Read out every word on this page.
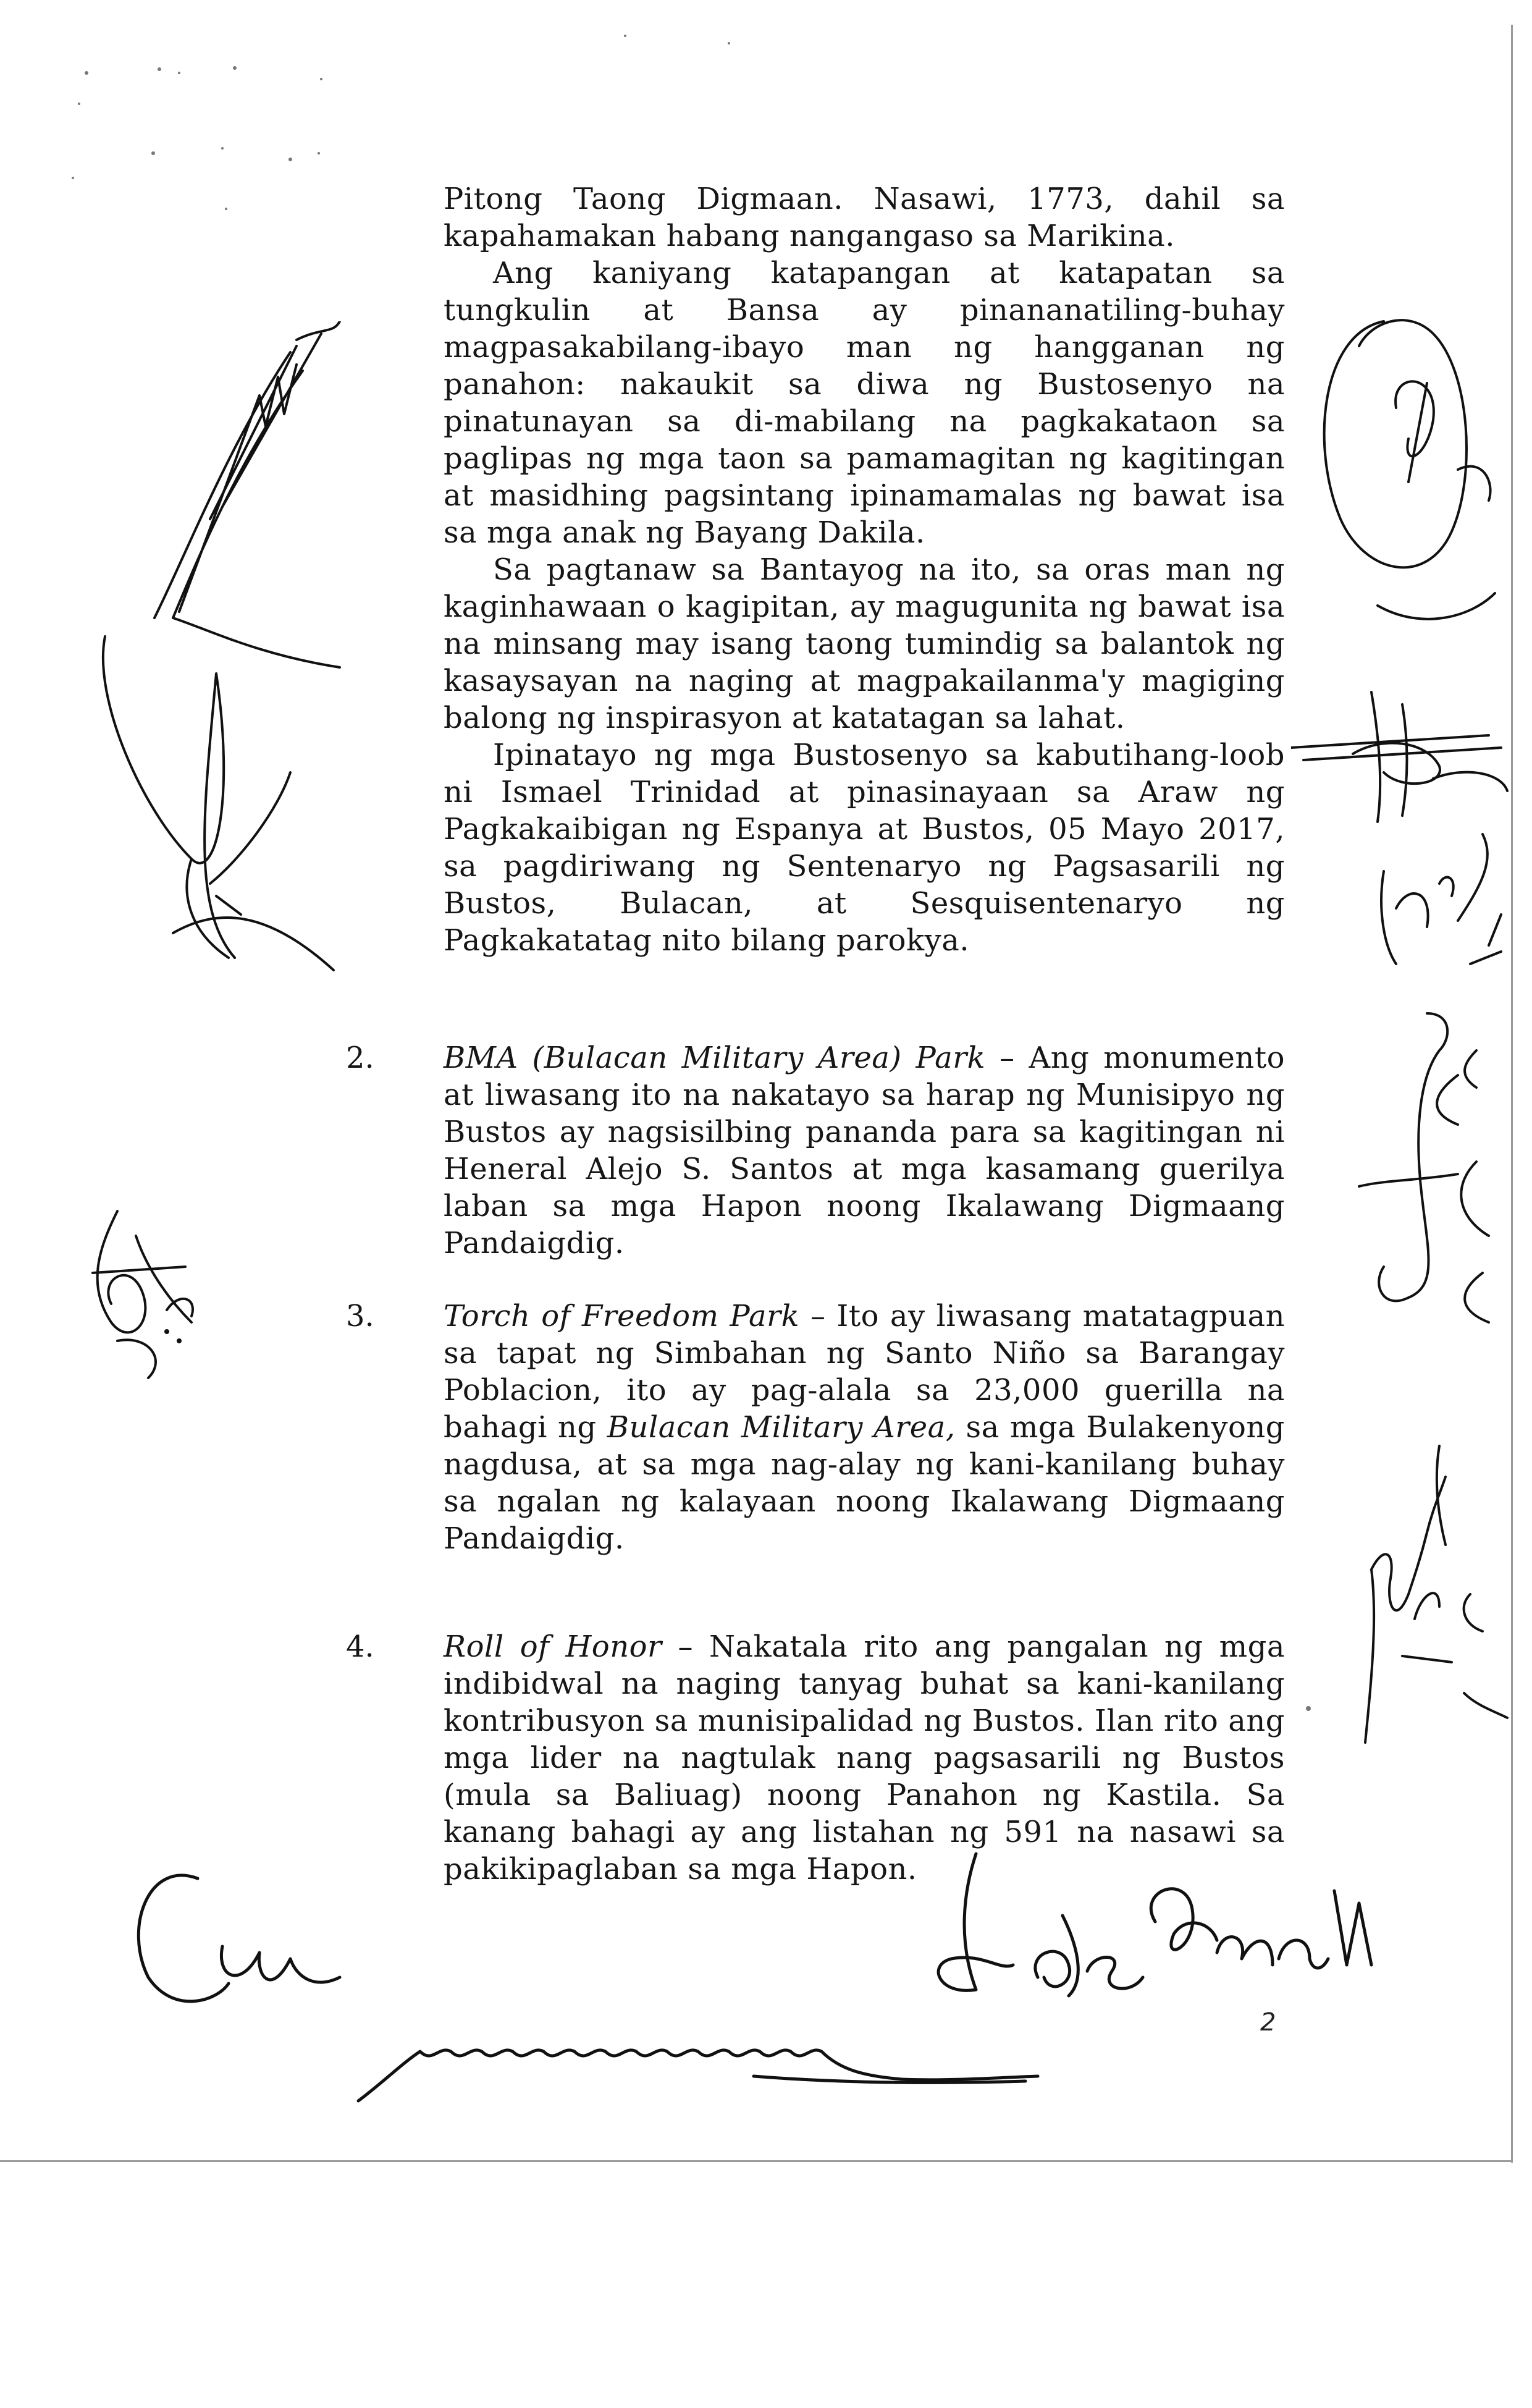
Pitong Taong Digmaan. Nasawi, 1773, dahil sa kapahamakan habang nangangaso sa Marikina.
Ang kaniyang katapangan at katapatan sa tungkulin at Bansa ay pinananatiling-buhay magpasakabilang-ibayo man ng hangganan ng panahon: nakaukit sa diwa ng Bustosenyo na pinatunayan sa di-mabilang na pagkakataon sa paglipas ng mga taon sa pamamagitan ng kagitingan at masidhing pagsintang ipinamamalas ng bawat isa sa mga anak ng Bayang Dakila.
Sa pagtanaw sa Bantayog na ito, sa oras man ng kaginhawaan o kagipitan, ay magugunita ng bawat isa na minsang may isang taong tumindig sa balantok ng kasaysayan na naging at magpakailanma'y magiging balong ng inspirasyon at katatagan sa lahat.
Ipinatayo ng mga Bustosenyo sa kabutihang-loob ni Ismael Trinidad at pinasinayaan sa Araw ng Pagkakaibigan ng Espanya at Bustos, 05 Mayo 2017, sa pagdiriwang ng Sentenaryo ng Pagsasarili ng Bustos, Bulacan, at Sesquisentenaryo ng Pagkakatatag nito bilang parokya.
2.	BMA (Bulacan Military Area) Park – Ang monumento at liwasang ito na nakatayo sa harap ng Munisipyo ng Bustos ay nagsisilbing pananda para sa kagitingan ni Heneral Alejo S. Santos at mga kasamang guerilya laban sa mga Hapon noong Ikalawang Digmaang Pandaigdig.
3.	Torch of Freedom Park – Ito ay liwasang matatagpuan sa tapat ng Simbahan ng Santo Niño sa Barangay Poblacion, ito ay pag-alala sa 23,000 guerilla na bahagi ng Bulacan Military Area, sa mga Bulakenyong nagdusa, at sa mga nag-alay ng kani-kanilang buhay sa ngalan ng kalayaan noong Ikalawang Digmaang Pandaigdig.
4.	Roll of Honor – Nakatala rito ang pangalan ng mga indibidwal na naging tanyag buhat sa kani-kanilang kontribusyon sa munisipalidad ng Bustos. Ilan rito ang mga lider na nagtulak nang pagsasarili ng Bustos (mula sa Baliuag) noong Panahon ng Kastila. Sa kanang bahagi ay ang listahan ng 591 na nasawi sa pakikipaglaban sa mga Hapon.
2
